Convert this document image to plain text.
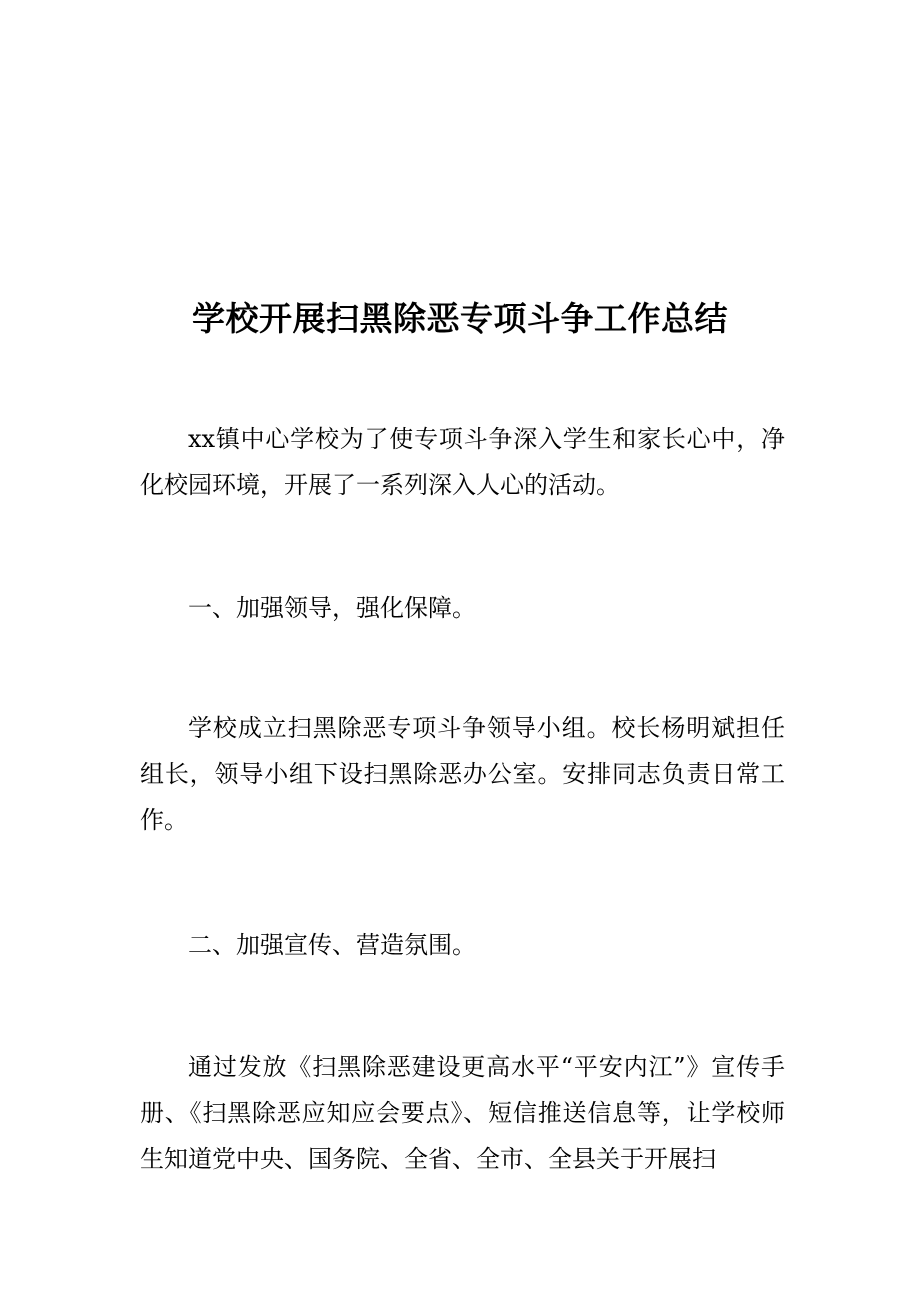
学校开展扫黑除恶专项斗争工作总结

xx镇中心学校为了使专项斗争深入学生和家长心中，净化校园环境，开展了一系列深入人心的活动。

一、加强领导，强化保障。

学校成立扫黑除恶专项斗争领导小组。校长杨明斌担任组长，领导小组下设扫黑除恶办公室。安排同志负责日常工作。

二、加强宣传、营造氛围。

通过发放《扫黑除恶建设更高水平“平安内江”》宣传手册、《扫黑除恶应知应会要点》、短信推送信息等，让学校师生知道党中央、国务院、全省、全市、全县关于开展扫
